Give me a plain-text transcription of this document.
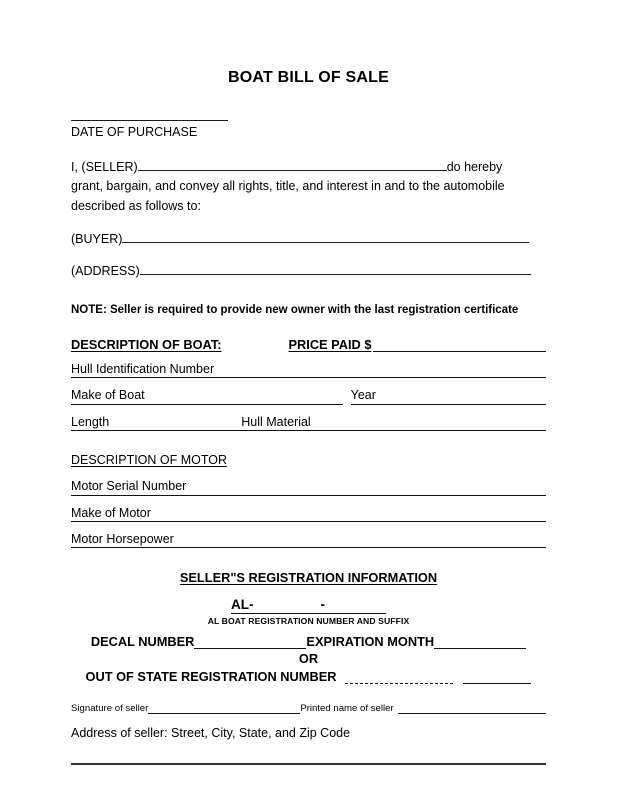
BOAT BILL OF SALE
DATE OF PURCHASE
I, (SELLER)	do hereby
grant, bargain, and convey all rights, title, and interest in and to the automobile
described as follows to:
(BUYER)
(ADDRESS)
NOTE: Seller is required to provide new owner with the last registration certificate
DESCRIPTION OF BOAT:	PRICE PAID $
Hull Identification Number
Make of Boat	Year
Length	Hull Material
DESCRIPTION OF MOTOR
Motor Serial Number
Make of Motor
Motor Horsepower
SELLER"S REGISTRATION INFORMATION
AL-	-
AL BOAT REGISTRATION NUMBER AND SUFFIX
DECAL NUMBER	EXPIRATION MONTH
OR
OUT OF STATE REGISTRATION NUMBER
Signature of seller	Printed name of seller
Address of seller: Street, City, State, and Zip Code
